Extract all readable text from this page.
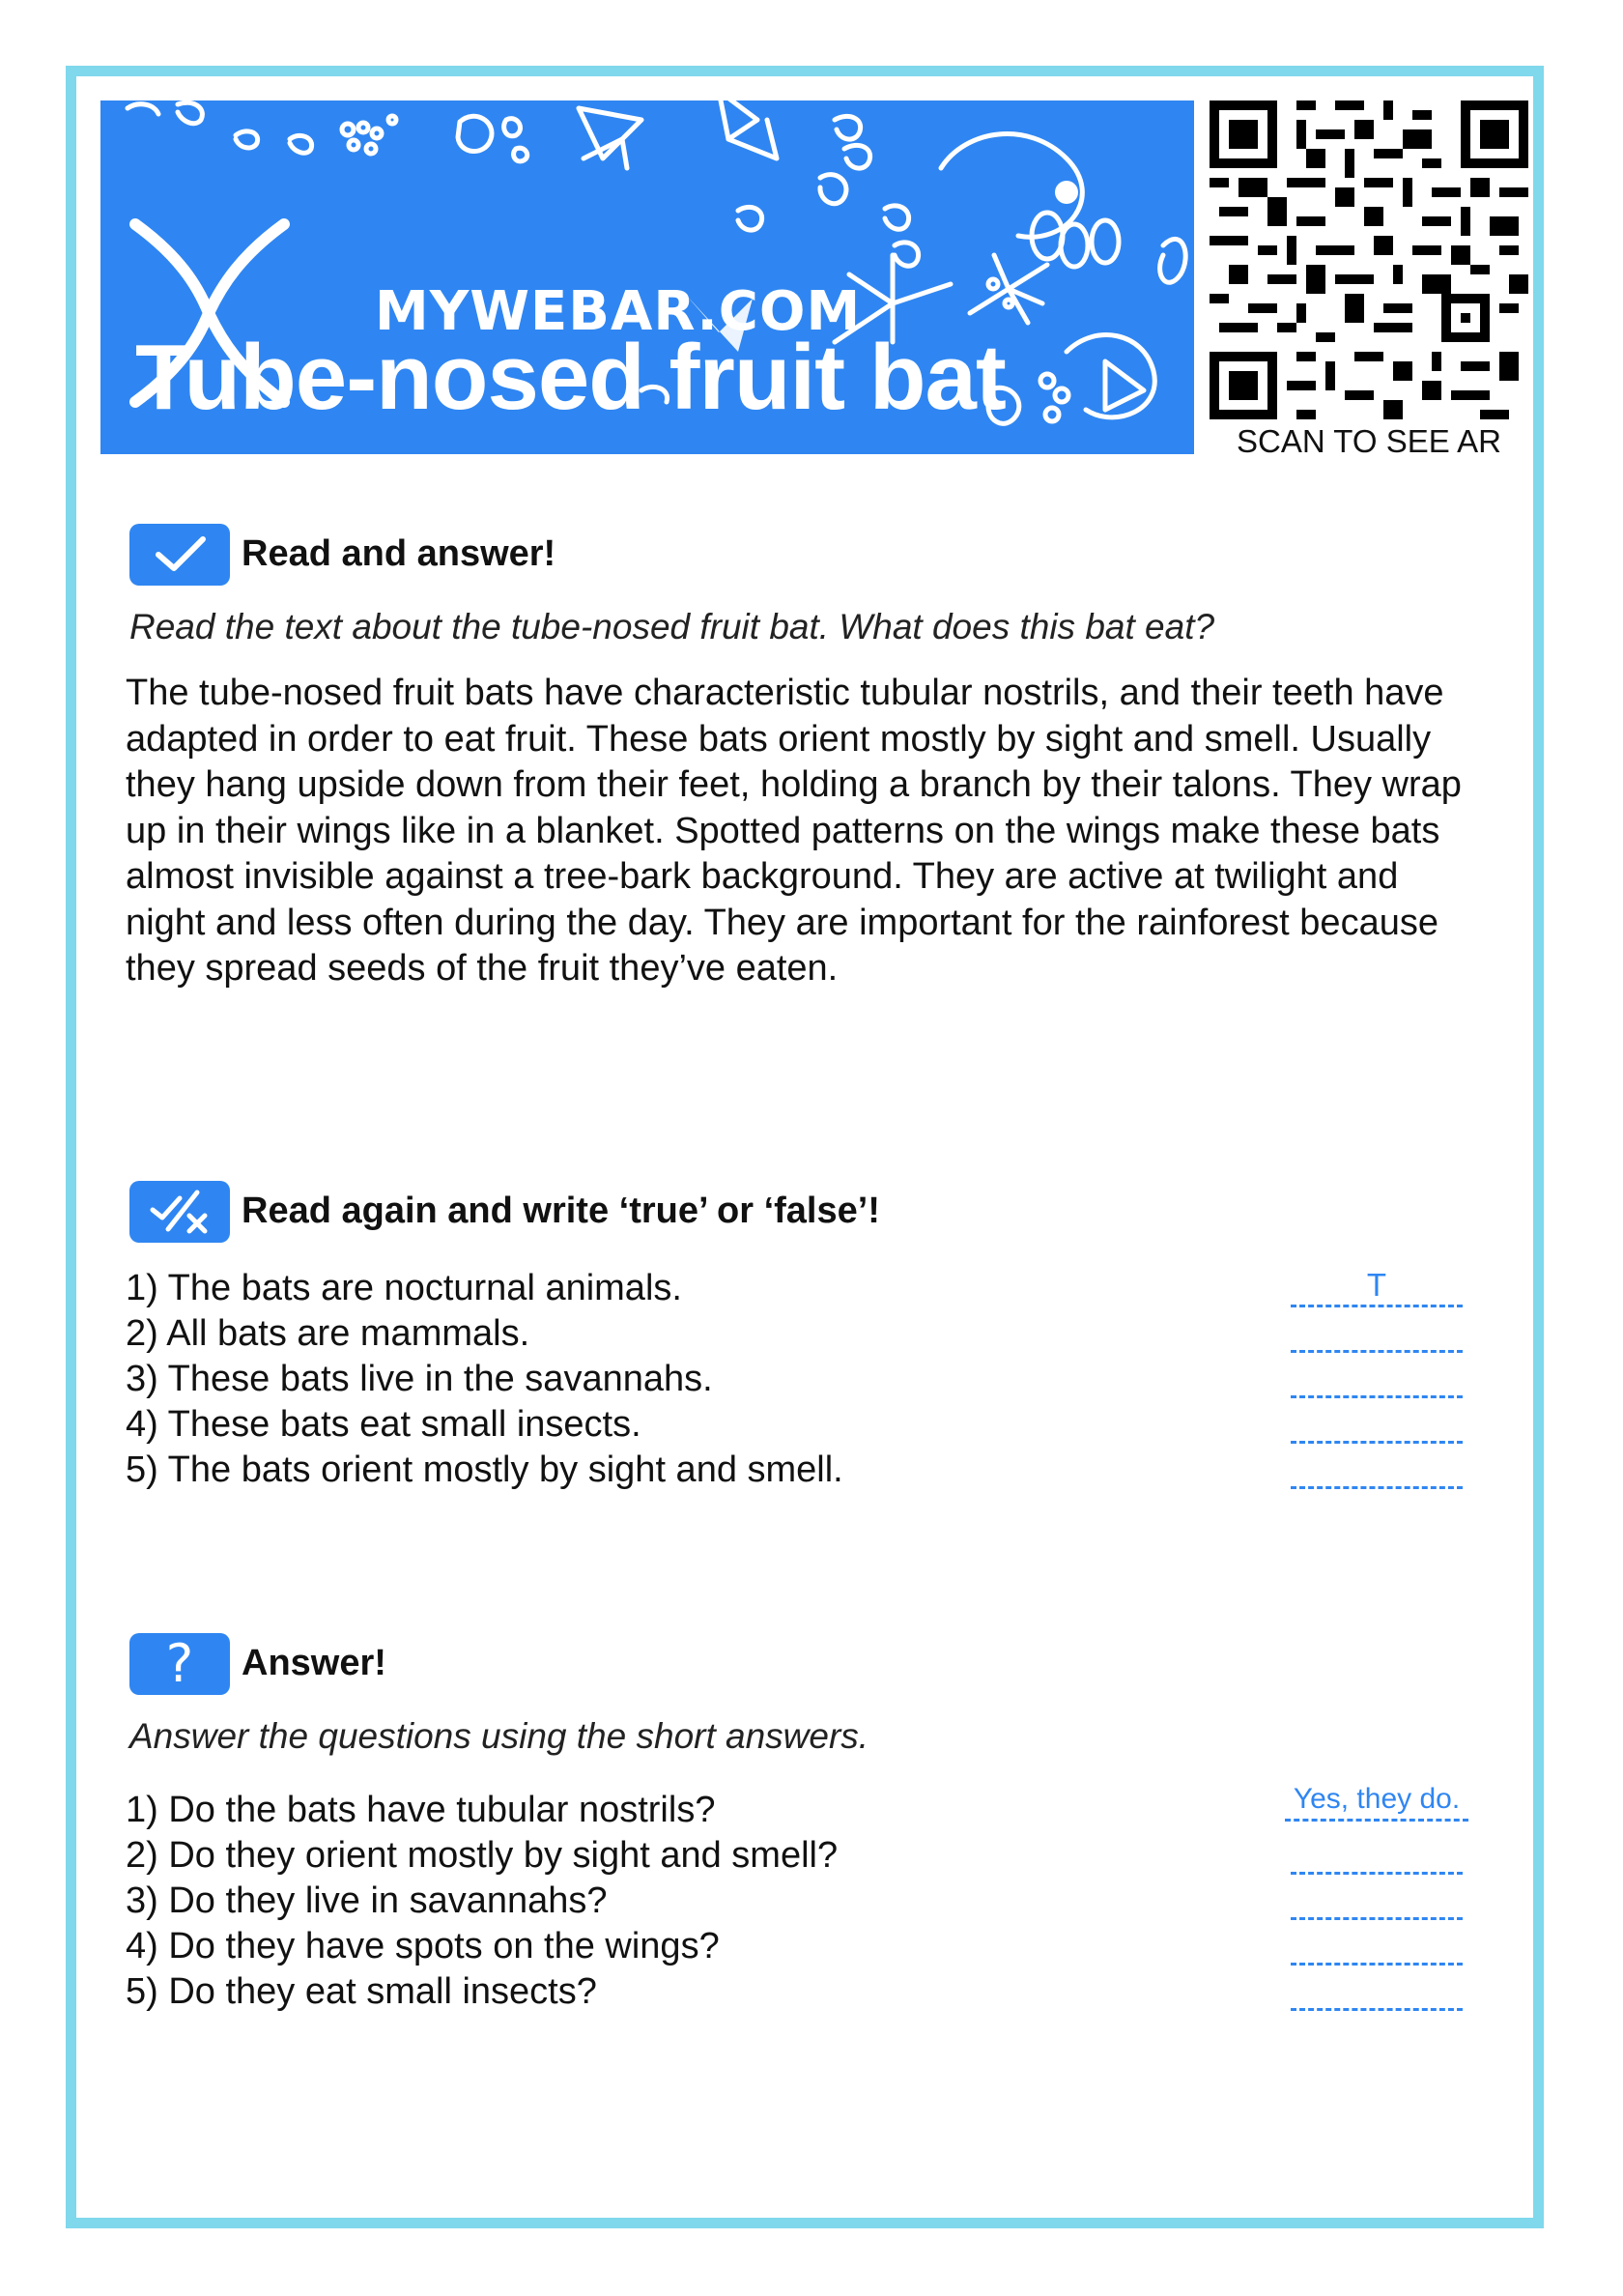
MYWEBAR.COM
Tube-nosed fruit bat
SCAN TO SEE AR
Read and answer!
Read the text about the tube-nosed fruit bat. What does this bat eat?
The tube-nosed fruit bats have characteristic tubular nostrils, and their teeth have adapted in order to eat fruit. These bats orient mostly by sight and smell. Usually they hang upside down from their feet, holding a branch by their talons. They wrap up in their wings like in a blanket. Spotted patterns on the wings make these bats almost invisible against a tree-bark background. They are active at twilight and night and less often during the day. They are important for the rainforest because they spread seeds of the fruit they’ve eaten.
Read again and write ‘true’ or ‘false’!
1) The bats are nocturnal animals.
2) All bats are mammals.
3) These bats live in the savannahs.
4) These bats eat small insects.
5) The bats orient mostly by sight and smell.
T
?	Answer!
Answer the questions using the short answers.
1) Do the bats have tubular nostrils?
2) Do they orient mostly by sight and smell?
3) Do they live in savannahs?
4) Do they have spots on the wings?
5) Do they eat small insects?
Yes, they do.
